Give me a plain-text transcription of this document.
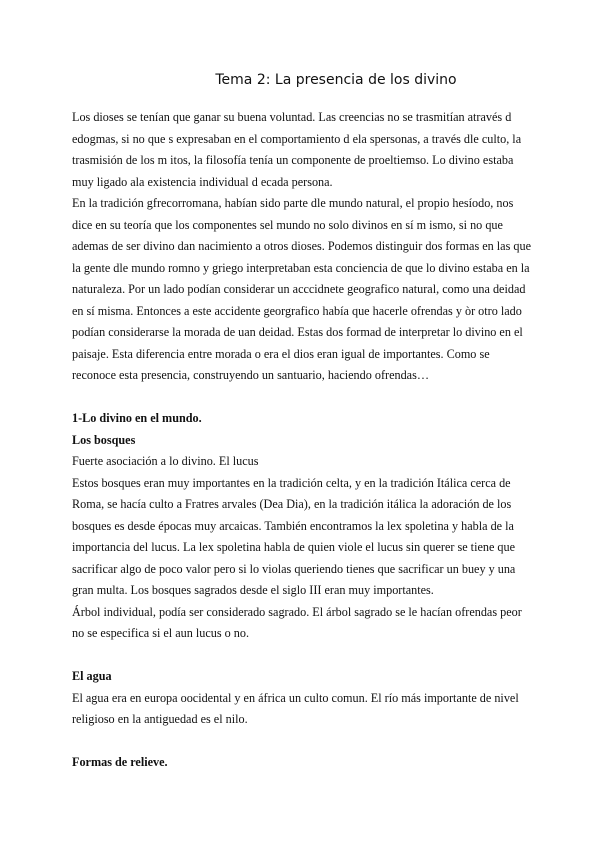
Tema 2: La presencia de los divino

Los dioses se tenían que ganar su buena voluntad. Las creencias no se trasmitían através d edogmas, si no que s expresaban en el comportamiento d ela spersonas, a través dle culto, la trasmisión de los m itos, la filosofía tenía un componente de proeltiemso. Lo divino estaba muy ligado ala existencia individual d ecada persona.

En la tradición gfrecorromana, habían sido parte dle mundo natural, el propio hesíodo, nos dice en su teoría que los componentes sel mundo no solo divinos en sí m ismo, si no que ademas de ser divino dan nacimiento a otros dioses. Podemos distinguir dos formas en las que la gente dle mundo romno y griego interpretaban esta conciencia de que lo divino estaba en la naturaleza. Por un lado podían considerar un acccidnete geografico natural, como una deidad en sí misma. Entonces a este accidente georgrafico había que hacerle ofrendas y òr otro lado podían considerarse la morada de uan deidad. Estas dos formad de interpretar lo divino en el paisaje. Esta diferencia entre morada o era el dios eran igual de importantes. Como se reconoce esta presencia, construyendo un santuario, haciendo ofrendas…

1-Lo divino en el mundo.

Los bosques

Fuerte asociación a lo divino. El lucus

Estos bosques eran muy importantes en la tradición celta, y en la tradición Itálica cerca de Roma, se hacía culto a Fratres arvales (Dea Dia), en la tradición itálica la adoración de los bosques es desde épocas muy arcaicas. También encontramos la lex spoletina y habla de la importancia del lucus. La lex spoletina habla de quien viole el lucus sin querer se tiene que sacrificar algo de poco valor pero si lo violas queriendo tienes que sacrificar un buey y una gran multa. Los bosques sagrados desde el siglo III eran muy importantes.

Árbol individual, podía ser considerado sagrado. El árbol sagrado se le hacían ofrendas peor no se especifica si el aun lucus o no.

El agua

El agua era en europa oocidental y en áfrica un culto comun. El río más importante de nivel religioso en la antiguedad es el nilo.

Formas de relieve.
